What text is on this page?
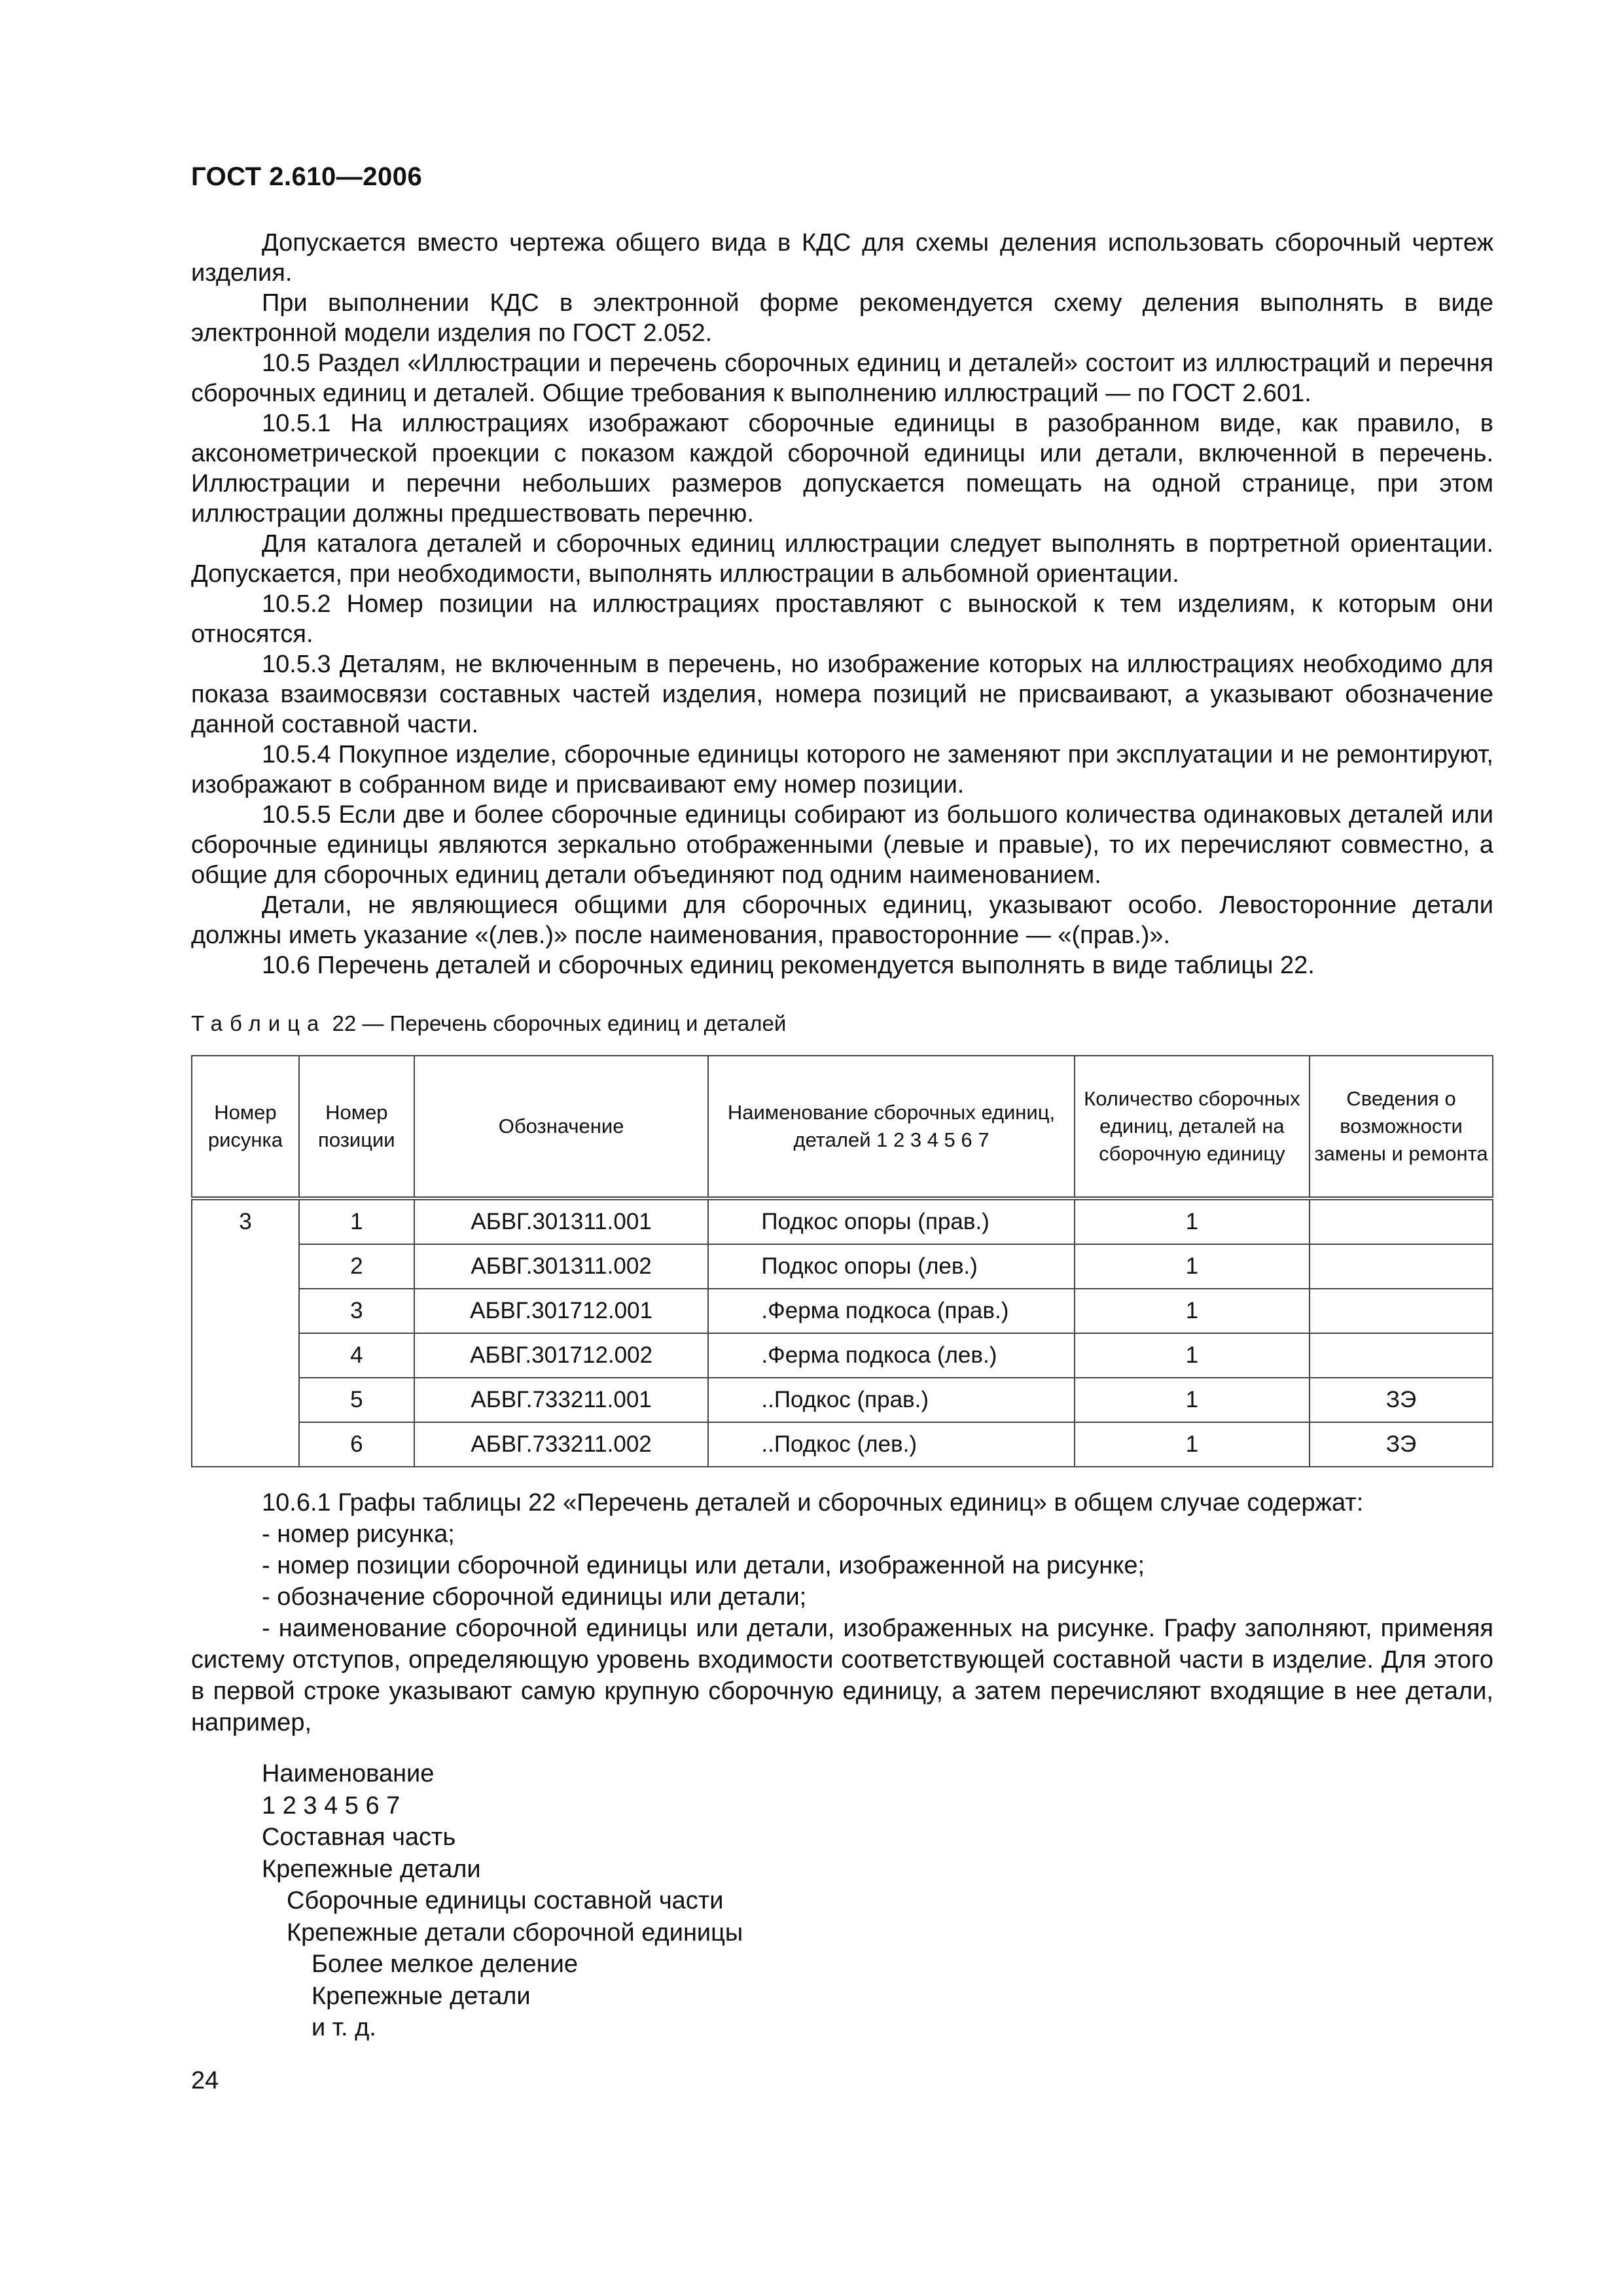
ГОСТ 2.610—2006

Допускается вместо чертежа общего вида в КДС для схемы деления использовать сборочный чертеж изделия.

При выполнении КДС в электронной форме рекомендуется схему деления выполнять в виде электронной модели изделия по ГОСТ 2.052.

10.5 Раздел «Иллюстрации и перечень сборочных единиц и деталей» состоит из иллюстраций и перечня сборочных единиц и деталей. Общие требования к выполнению иллюстраций — по ГОСТ 2.601.

10.5.1 На иллюстрациях изображают сборочные единицы в разобранном виде, как правило, в аксонометрической проекции с показом каждой сборочной единицы или детали, включенной в перечень. Иллюстрации и перечни небольших размеров допускается помещать на одной странице, при этом иллюстрации должны предшествовать перечню.

Для каталога деталей и сборочных единиц иллюстрации следует выполнять в портретной ориентации. Допускается, при необходимости, выполнять иллюстрации в альбомной ориентации.

10.5.2 Номер позиции на иллюстрациях проставляют с выноской к тем изделиям, к которым они относятся.

10.5.3 Деталям, не включенным в перечень, но изображение которых на иллюстрациях необходимо для показа взаимосвязи составных частей изделия, номера позиций не присваивают, а указывают обозначение данной составной части.

10.5.4 Покупное изделие, сборочные единицы которого не заменяют при эксплуатации и не ремонтируют, изображают в собранном виде и присваивают ему номер позиции.

10.5.5 Если две и более сборочные единицы собирают из большого количества одинаковых деталей или сборочные единицы являются зеркально отображенными (левые и правые), то их перечисляют совместно, а общие для сборочных единиц детали объединяют под одним наименованием.

Детали, не являющиеся общими для сборочных единиц, указывают особо. Левосторонние детали должны иметь указание «(лев.)» после наименования, правосторонние — «(прав.)».

10.6 Перечень деталей и сборочных единиц рекомендуется выполнять в виде таблицы 22.

Таблица 22 — Перечень сборочных единиц и деталей
Номер рисунка	Номер позиции	Обозначение	Наименование сборочных единиц, деталей 1 2 3 4 5 6 7	Количество сборочных единиц, деталей на сборочную единицу	Сведения о возможности замены и ремонта
3	1	АБВГ.301311.001	Подкос опоры (прав.)	1	
	2	АБВГ.301311.002	Подкос опоры (лев.)	1	
	3	АБВГ.301712.001	.Ферма подкоса (прав.)	1	
	4	АБВГ.301712.002	.Ферма подкоса (лев.)	1	
	5	АБВГ.733211.001	..Подкос (прав.)	1	ЗЭ
	6	АБВГ.733211.002	..Подкос (лев.)	1	ЗЭ

10.6.1 Графы таблицы 22 «Перечень деталей и сборочных единиц» в общем случае содержат:

- номер рисунка;

- номер позиции сборочной единицы или детали, изображенной на рисунке;

- обозначение сборочной единицы или детали;

- наименование сборочной единицы или детали, изображенных на рисунке. Графу заполняют, применяя систему отступов, определяющую уровень входимости соответствующей составной части в изделие. Для этого в первой строке указывают самую крупную сборочную единицу, а затем перечисляют входящие в нее детали, например,

Наименование
1 2 3 4 5 6 7
Составная часть
Крепежные детали
Сборочные единицы составной части
Крепежные детали сборочной единицы
Более мелкое деление
Крепежные детали
и т. д.
24
